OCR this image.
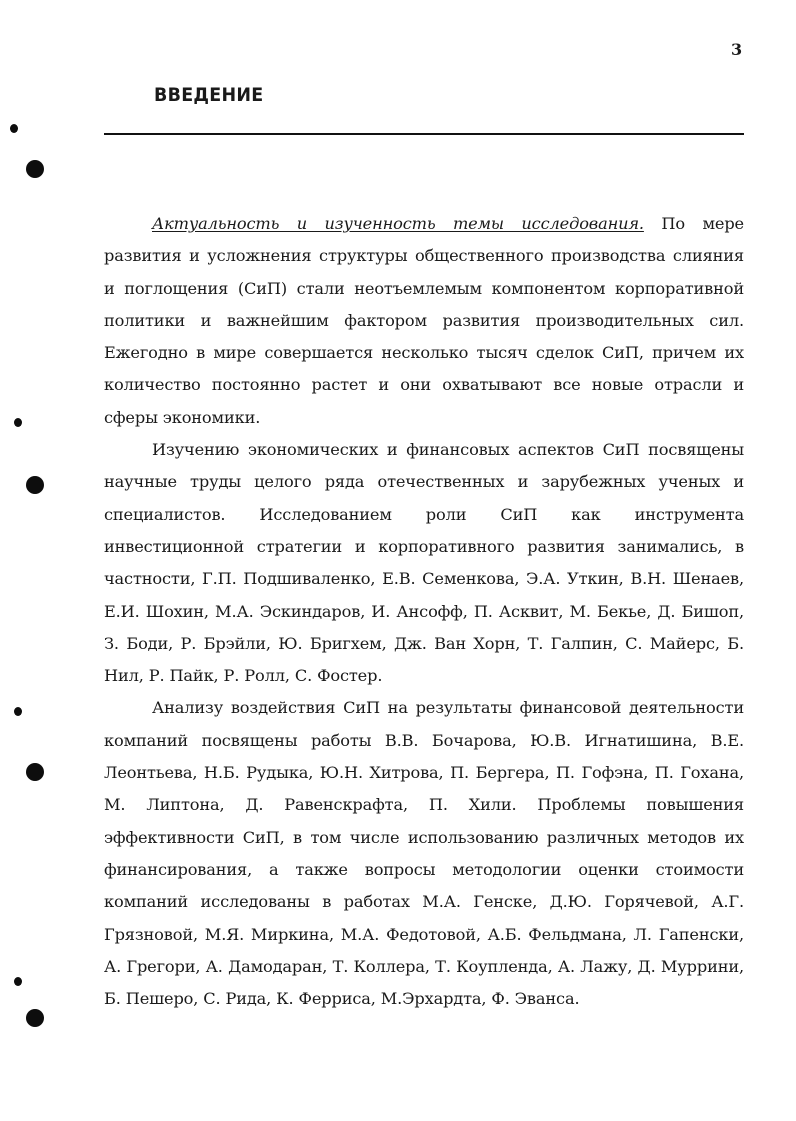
3
ВВЕДЕНИЕ

Актуальность и изученность темы исследования. По мере развития и усложнения структуры общественного производства слияния и поглощения (СиП) стали неотъемлемым компонентом корпоративной политики и важнейшим фактором развития производительных сил. Ежегодно в мире совершается несколько тысяч сделок СиП, причем их количество постоянно растет и они охватывают все новые отрасли и сферы экономики.

Изучению экономических и финансовых аспектов СиП посвящены научные труды целого ряда отечественных и зарубежных ученых и специалистов. Исследованием роли СиП как инструмента инвестиционной стратегии и корпоративного развития занимались, в частности, Г.П. Подшиваленко, Е.В. Семенкова, Э.А. Уткин, В.Н. Шенаев, Е.И. Шохин, М.А. Эскиндаров, И. Ансофф, П. Асквит, М. Бекье, Д. Бишоп, З. Боди, Р. Брэйли, Ю. Бригхем, Дж. Ван Хорн, Т. Галпин, С. Майерс, Б. Нил, Р. Пайк, Р. Ролл, С. Фостер.

Анализу воздействия СиП на результаты финансовой деятельности компаний посвящены работы В.В. Бочарова, Ю.В. Игнатишина, В.Е. Леонтьева, Н.Б. Рудыка, Ю.Н. Хитрова, П. Бергера, П. Гофэна, П. Гохана, М. Липтона, Д. Равенскрафта, П. Хили. Проблемы повышения эффективности СиП, в том числе использованию различных методов их финансирования, а также вопросы методологии оценки стоимости компаний исследованы в работах М.А. Генске, Д.Ю. Горячевой, А.Г. Грязновой, М.Я. Миркина, М.А. Федотовой, А.Б. Фельдмана, Л. Гапенски, А. Грегори, А. Дамодаран, Т. Коллера, Т. Коупленда, А. Лажу, Д. Муррини, Б. Пешеро, С. Рида, К. Ферриса, М.Эрхардта, Ф. Эванса.
